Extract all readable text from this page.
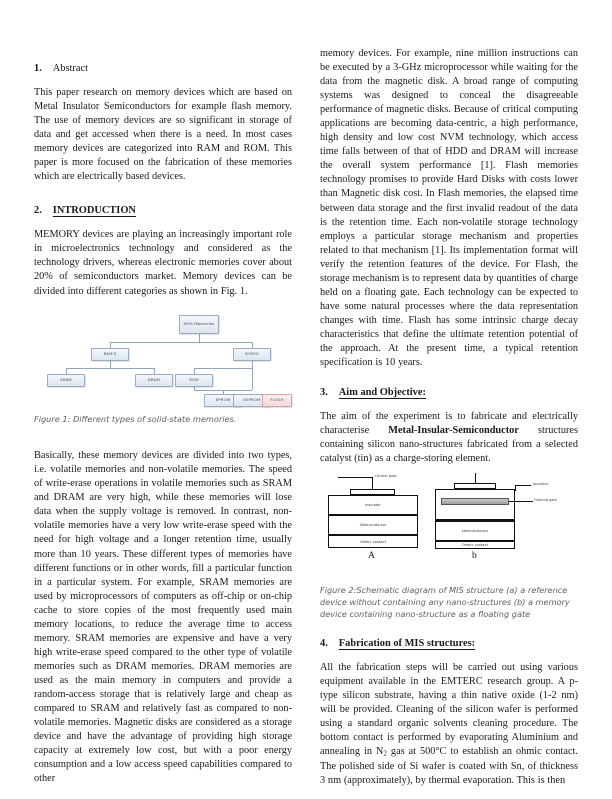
1. Abstract

This paper research on memory devices which are based on Metal Insulator Semiconductors for example flash memory. The use of memory devices are so significant in storage of data and get accessed when there is a need. In most cases memory devices are categorized into RAM and ROM. This paper is more focused on the fabrication of these memories which are electrically based devices.

2. INTRODUCTION

MEMORY devices are playing an increasingly important role in microelectronics technology and considered as the technology drivers, whereas electronic memories cover about 20% of semiconductors market. Memory devices can be divided into different categories as shown in Fig. 1.

MOS Memories
RAM'S	ROM'S
SRAM	DRAM	ROM
EPROM	EEPROM	FLASH

Figure 1: Different types of solid-state memories.

Basically, these memory devices are divided into two types, i.e. volatile memories and non-volatile memories. The speed of write-erase operations in volatile memories such as SRAM and DRAM are very high, while these memories will lose data when the supply voltage is removed. In contrast, non-volatile memories have a very low write-erase speed with the need for high voltage and a longer retention time, usually more than 10 years. These different types of memories have different functions or in other words, fill a particular function in a particular system. For example, SRAM memories are used by microprocessors of computers as off-chip or on-chip cache to store copies of the most frequently used main memory locations, to reduce the average time to access memory. SRAM memories are expensive and have a very high write-erase speed compared to the other type of volatile memories such as DRAM memories. DRAM memories are used as the main memory in computers and provide a random-access storage that is relatively large and cheap as compared to SRAM and relatively fast as compared to non-volatile memories. Magnetic disks are considered as a storage device and have the advantage of providing high storage capacity at extremely low cost, but with a poor energy consumption and a low access speed capabilities compared to other

memory devices. For example, nine million instructions can be executed by a 3-GHz microprocessor while waiting for the data from the magnetic disk. A broad range of computing systems was designed to conceal the disagreeable performance of magnetic disks. Because of critical computing applications are becoming data-centric, a high performance, high density and low cost NVM technology, which access time falls between of that of HDD and DRAM will increase the overall system performance [1]. Flash memories technology promises to provide Hard Disks with costs lower than Magnetic disk cost. In Flash memories, the elapsed time between data storage and the first invalid readout of the data is the retention time. Each non-volatile storage technology employs a particular storage mechanism and properties related to that mechanism [1]. Its implementation format will verify the retention features of the device. For Flash, the storage mechanism is to represent data by quantities of charge held on a floating gate. Each technology can be expected to have some natural processes where the data representation changes with time. Flash has some intrinsic charge decay characteristics that define the ultimate retention potential of the approach. At the present time, a typical retention specification is 10 years.

3. Aim and Objective:

The aim of the experiment is to fabricate and electrically characterise Metal-Insular-Semiconductor structures containing silicon nano-structures fabricated from a selected catalyst (tin) as a charge-storing element.

Control gate
Insulator
Semiconductor
Ohmic contact
A
Insulator
Floating gate
semiconductor
Ohmic contact
b

Figure 2:Schematic diagram of MIS structure (a) a reference device without containing any nano-structures (b) a memory device containing nano-structure as a floating gate

4. Fabrication of MIS structures:

All the fabrication steps will be carried out using various equipment available in the EMTERC research group. A p-type silicon substrate, having a thin native oxide (1-2 nm) will be provided. Cleaning of the silicon wafer is performed using a standard organic solvents cleaning procedure. The bottom contact is performed by evaporating Aluminium and annealing in $N_2$ gas at 500°C to establish an ohmic contact. The polished side of Si wafer is coated with Sn, of thickness 3 nm (approximately), by thermal evaporation. This is then
